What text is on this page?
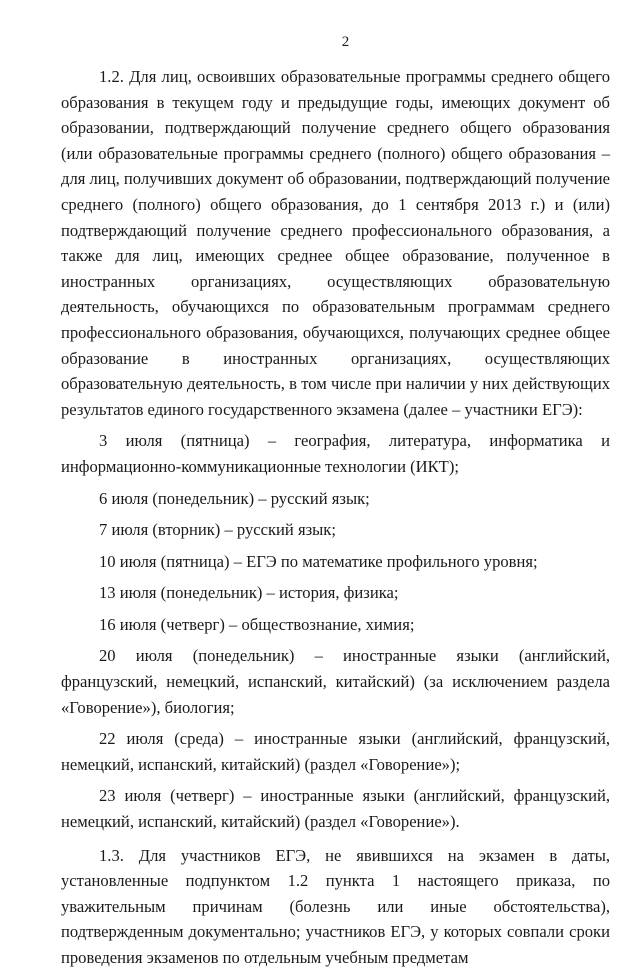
2

1.2. Для лиц, освоивших образовательные программы среднего общего образования в текущем году и предыдущие годы, имеющих документ об образовании, подтверждающий получение среднего общего образования (или образовательные программы среднего (полного) общего образования – для лиц, получивших документ об образовании, подтверждающий получение среднего (полного) общего образования, до 1 сентября 2013 г.) и (или) подтверждающий получение среднего профессионального образования, а также для лиц, имеющих среднее общее образование, полученное в иностранных организациях, осуществляющих образовательную деятельность, обучающихся по образовательным программам среднего профессионального образования, обучающихся, получающих среднее общее образование в иностранных организациях, осуществляющих образовательную деятельность, в том числе при наличии у них действующих результатов единого государственного экзамена (далее – участники ЕГЭ):

3 июля (пятница) – география, литература, информатика и информационно-коммуникационные технологии (ИКТ);

6 июля (понедельник) – русский язык;

7 июля (вторник) – русский язык;

10 июля (пятница) – ЕГЭ по математике профильного уровня;

13 июля (понедельник) – история, физика;

16 июля (четверг) – обществознание, химия;

20 июля (понедельник) – иностранные языки (английский, французский, немецкий, испанский, китайский) (за исключением раздела «Говорение»), биология;

22 июля (среда) – иностранные языки (английский, французский, немецкий, испанский, китайский) (раздел «Говорение»);

23 июля (четверг) – иностранные языки (английский, французский, немецкий, испанский, китайский) (раздел «Говорение»).

1.3. Для участников ЕГЭ, не явившихся на экзамен в даты, установленные подпунктом 1.2 пункта 1 настоящего приказа, по уважительным причинам (болезнь или иные обстоятельства), подтвержденным документально; участников ЕГЭ, у которых совпали сроки проведения экзаменов по отдельным учебным предметам
